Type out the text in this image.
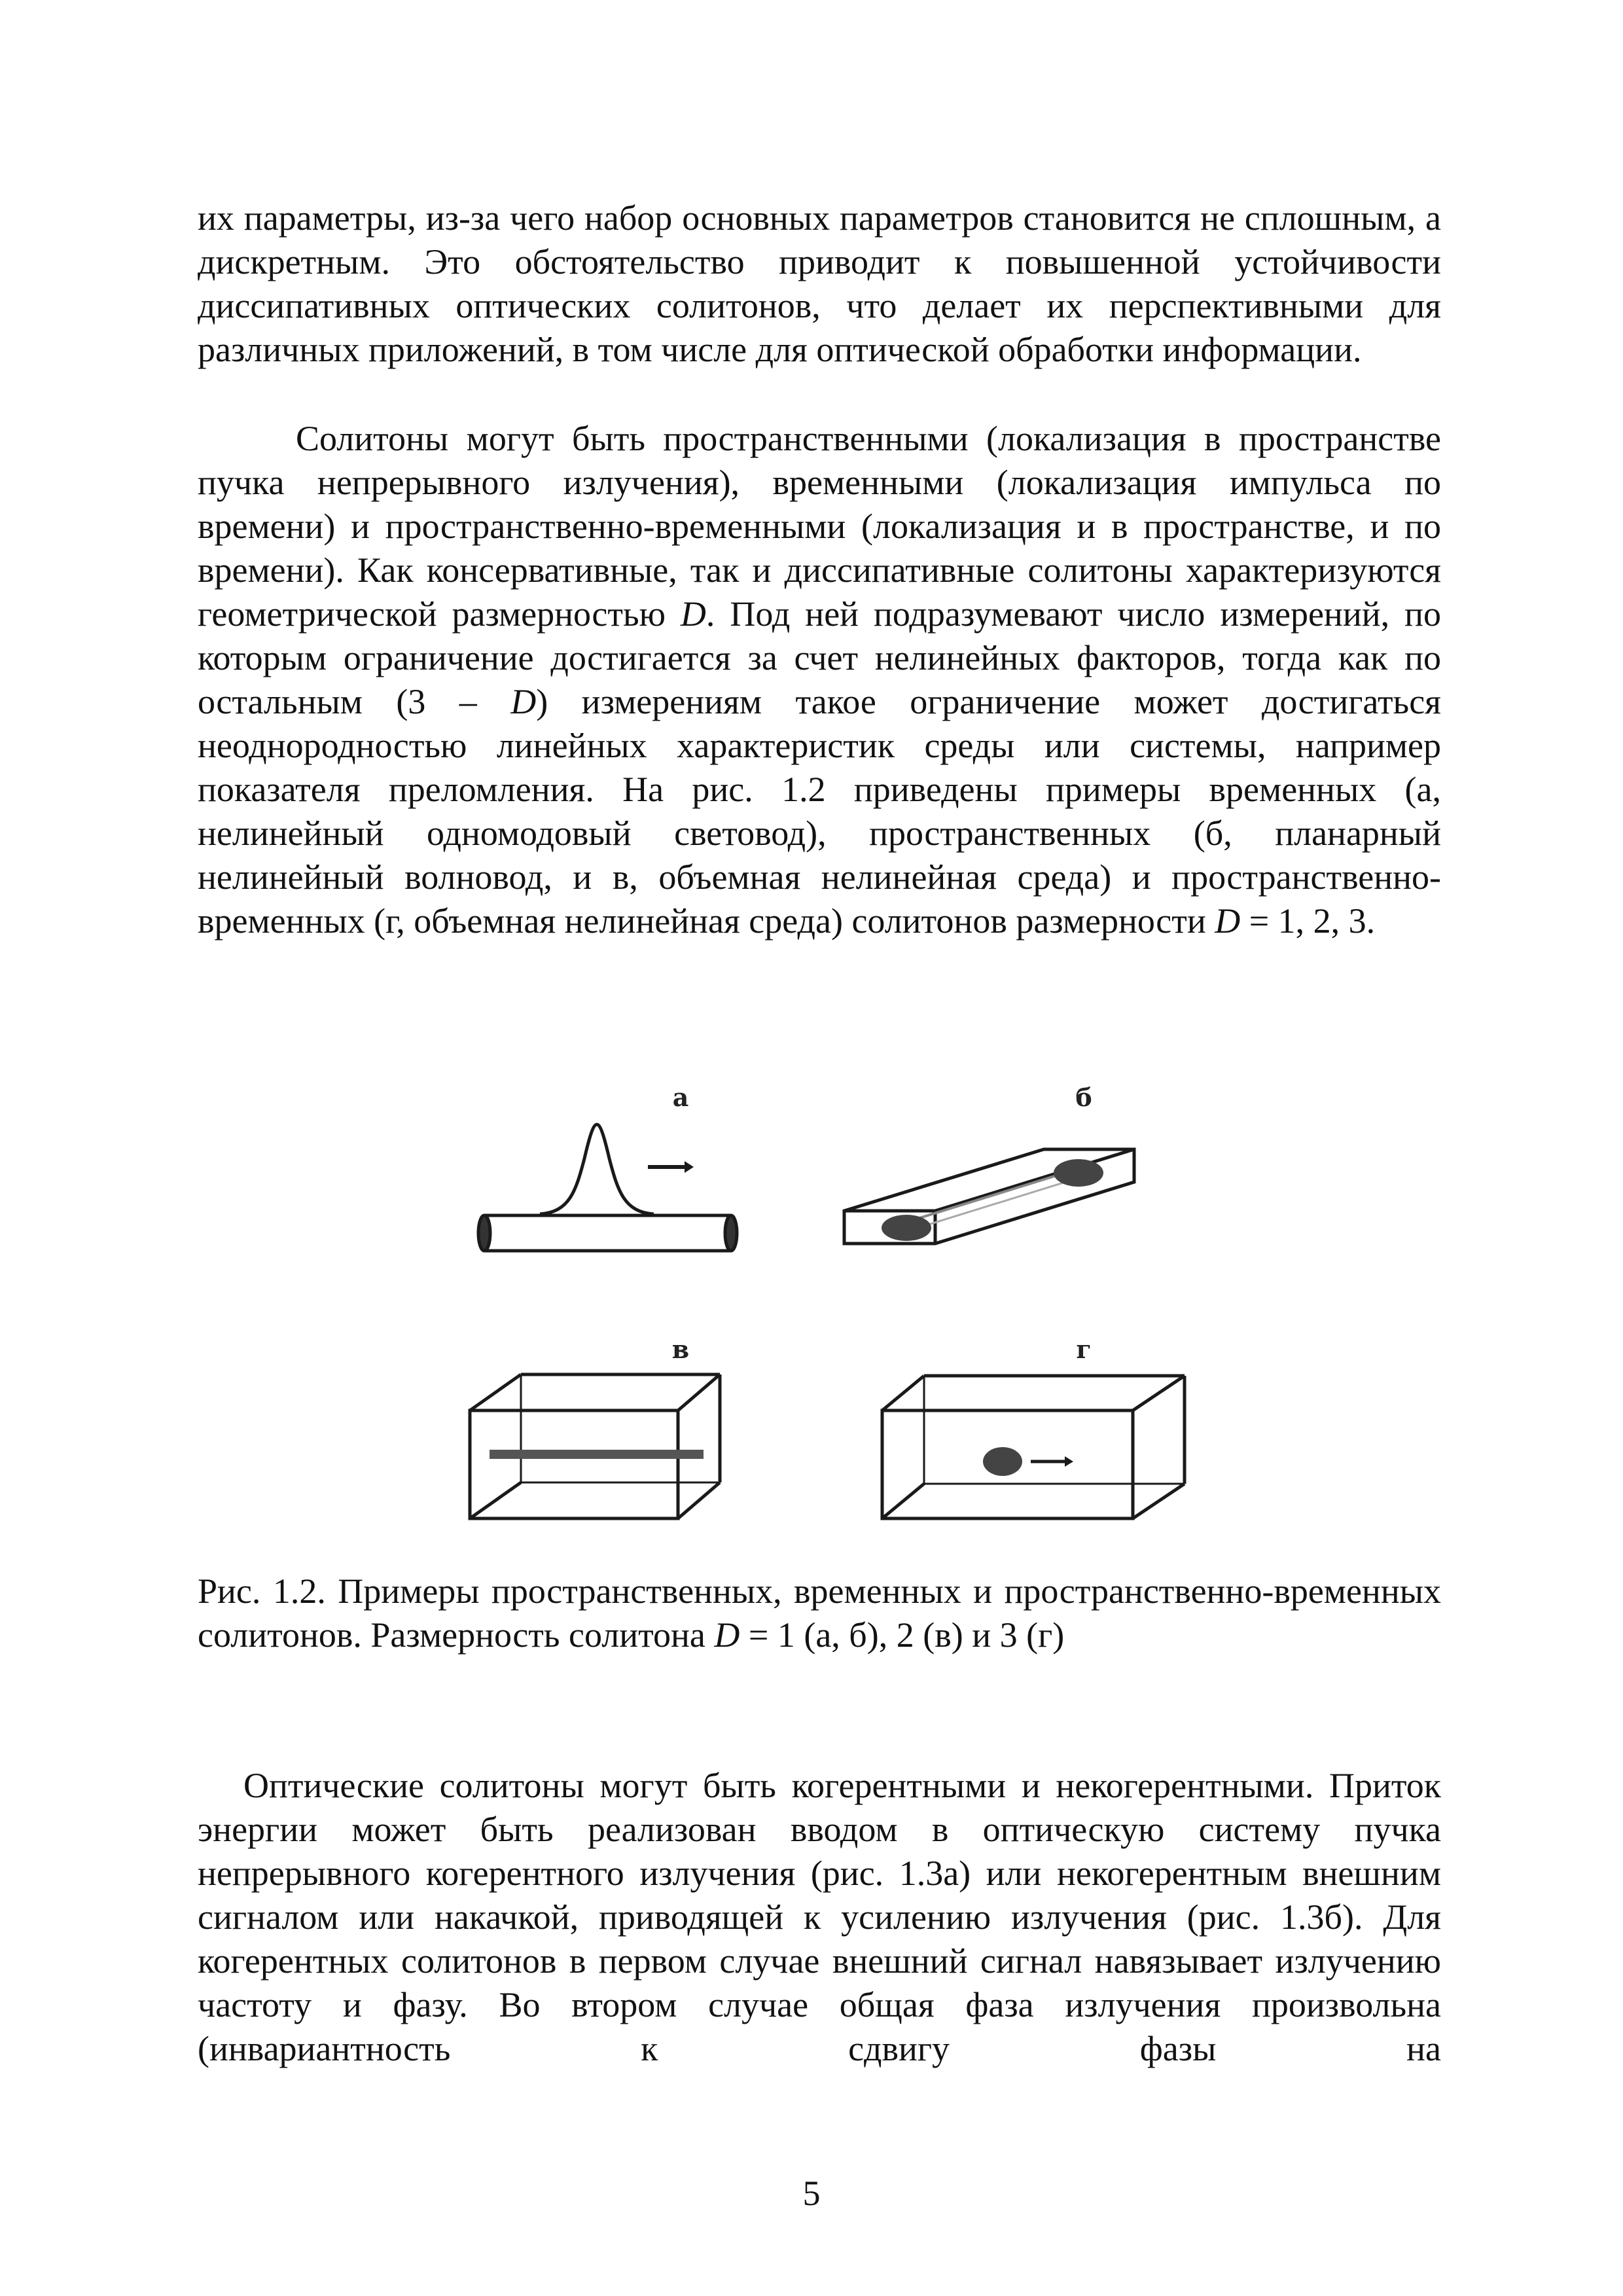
их параметры, из-за чего набор основных параметров становится не сплошным, а дискретным. Это обстоятельство приводит к повышенной устойчивости диссипативных оптических солитонов, что делает их перспективными для различных приложений, в том числе для оптической обработки информации.

Солитоны могут быть пространственными (локализация в пространстве пучка непрерывного излучения), временными (локализация импульса по времени) и пространственно-временными (локализация и в пространстве, и по времени). Как консервативные, так и диссипативные солитоны характеризуются геометрической размерностью D. Под ней подразумевают число измерений, по которым ограничение достигается за счет нелинейных факторов, тогда как по остальным (3 – D) измерениям такое ограничение может достигаться неоднородностью линейных характеристик среды или системы, например показателя преломления. На рис. 1.2 приведены примеры временных (а, нелинейный одномодовый световод), пространственных (б, планарный нелинейный волновод, и в, объемная нелинейная среда) и пространственно-временных (г, объемная нелинейная среда) солитонов размерности D = 1, 2, 3.

а	б
в	г

Рис. 1.2. Примеры пространственных, временных и пространственно-временных солитонов. Размерность солитона D = 1 (а, б), 2 (в) и 3 (г)

Оптические солитоны могут быть когерентными и некогерентными. Приток энергии может быть реализован вводом в оптическую систему пучка непрерывного когерентного излучения (рис. 1.3а) или некогерентным внешним сигналом или накачкой, приводящей к усилению излучения (рис. 1.3б). Для когерентных солитонов в первом случае внешний сигнал навязывает излучению частоту и фазу. Во втором случае общая фаза излучения произвольна (инвариантность к сдвигу фазы на

5
